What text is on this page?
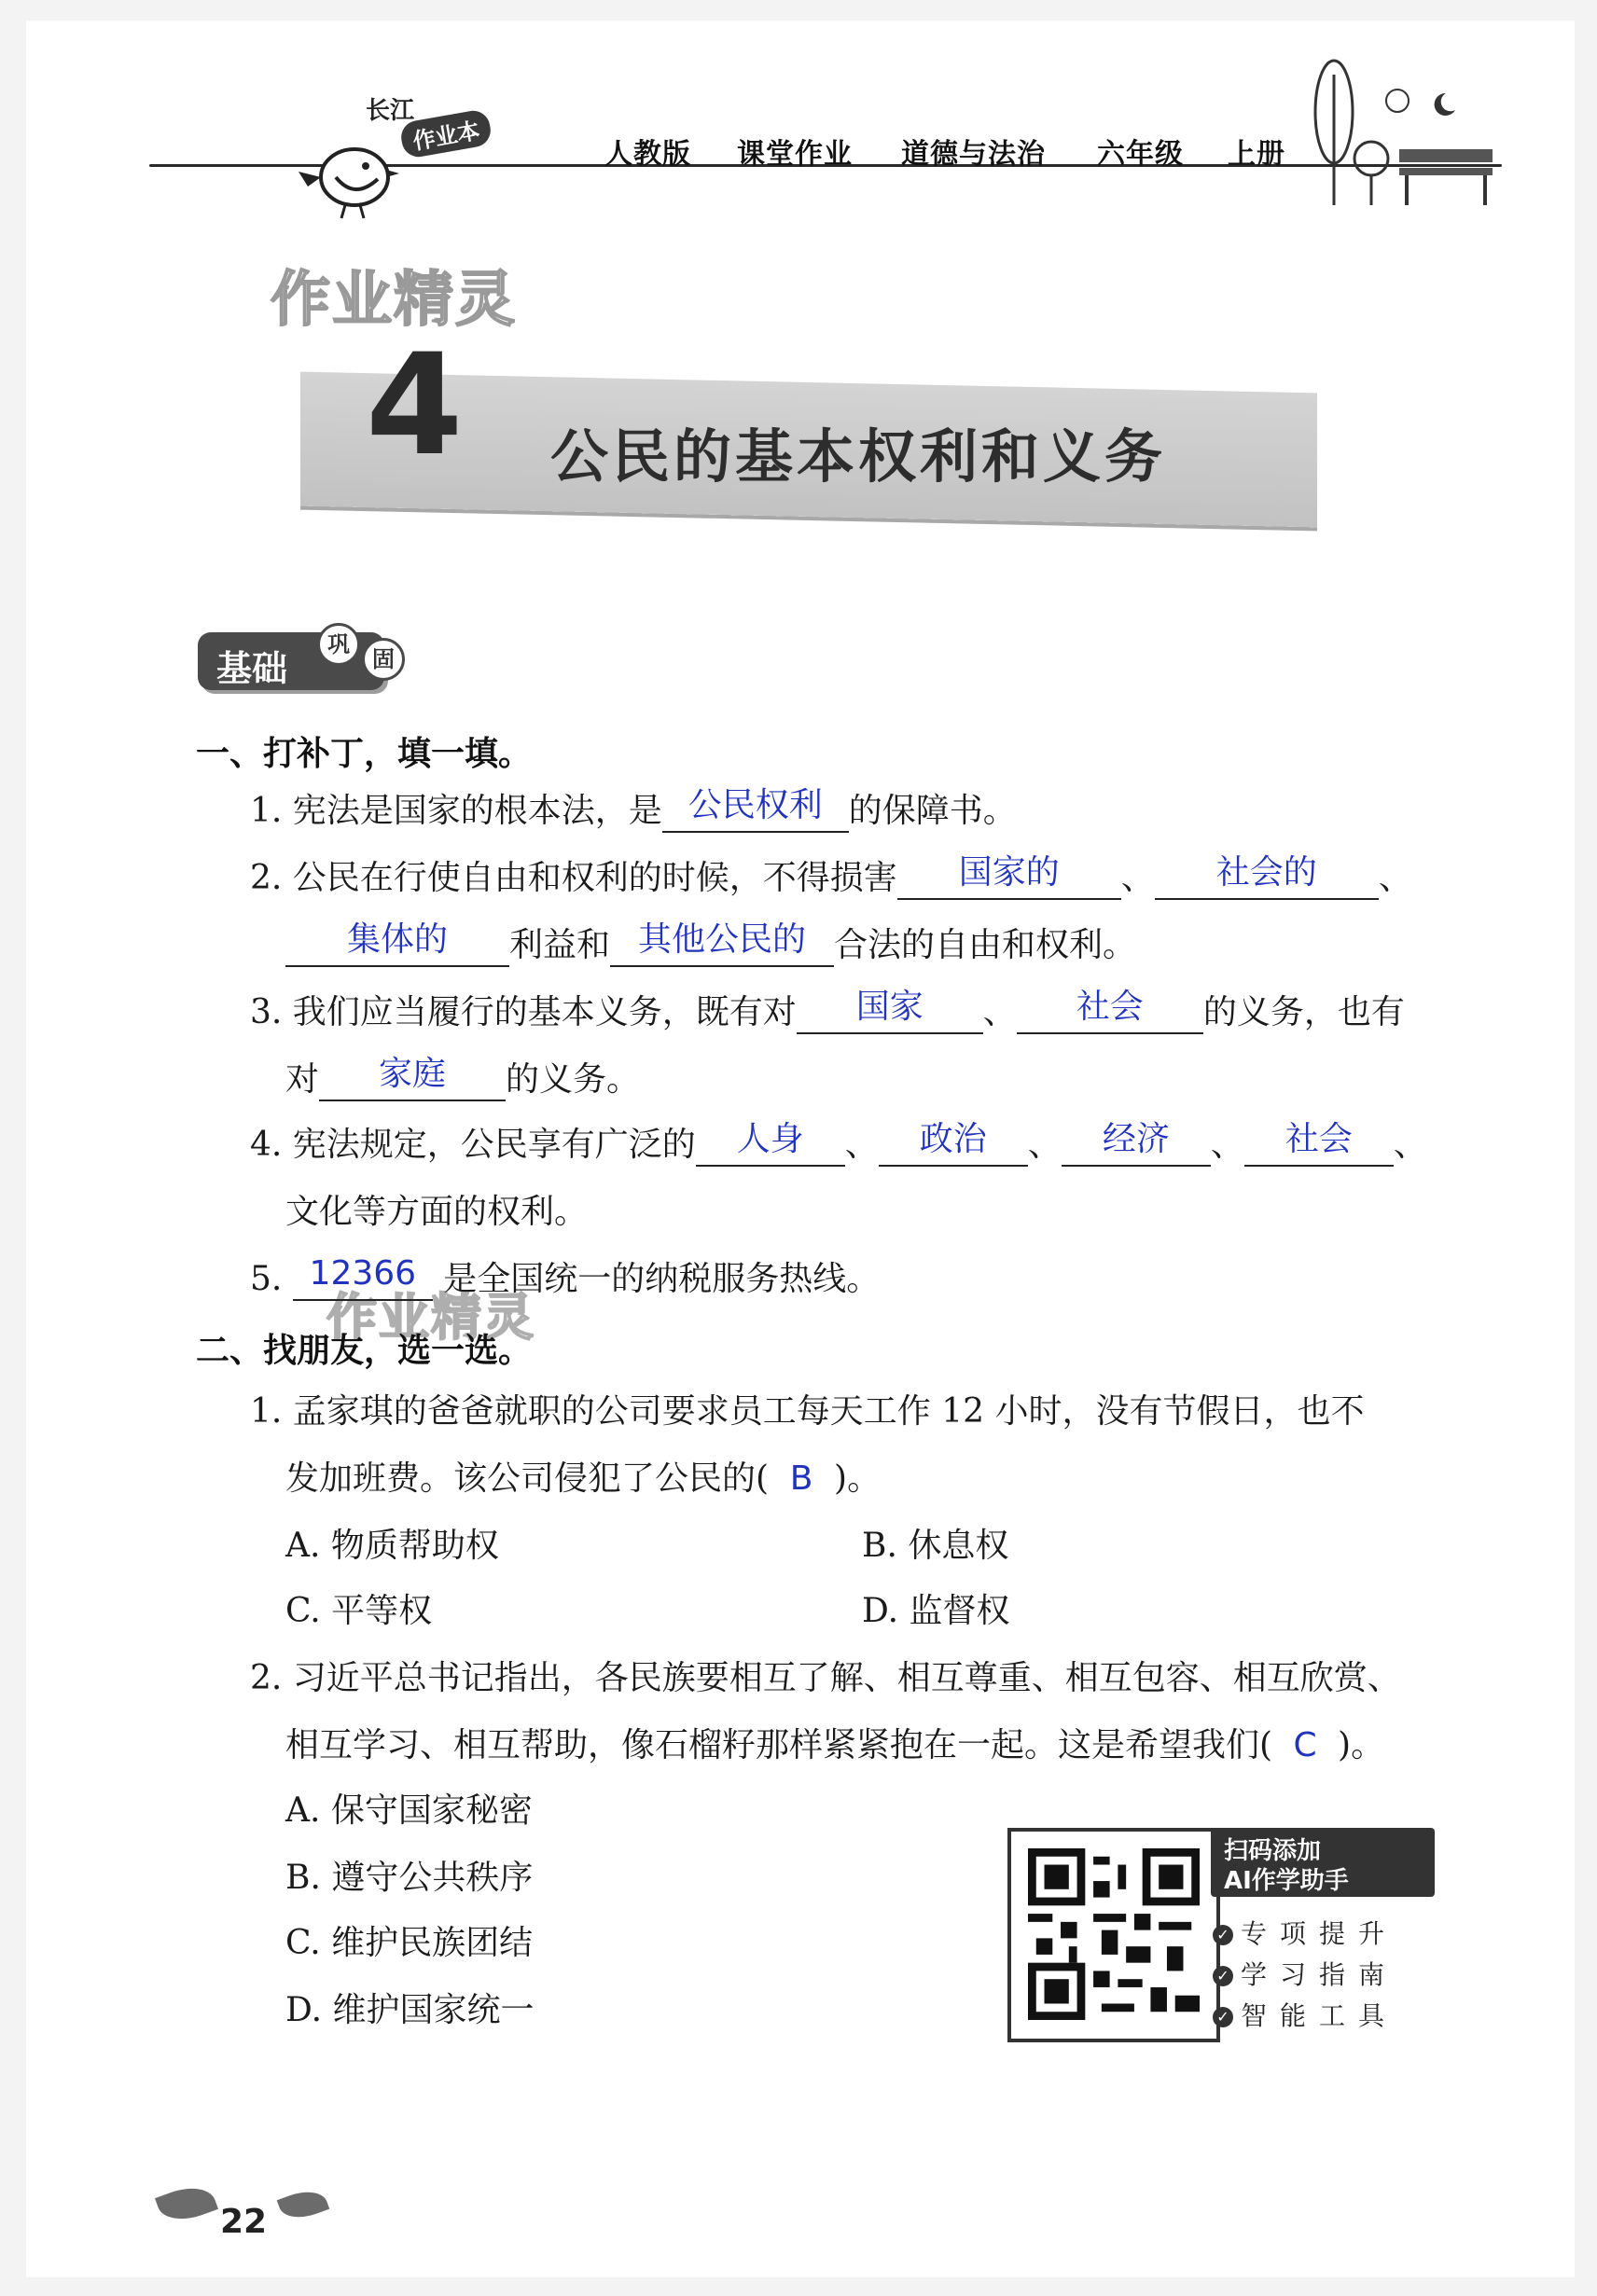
长江
作业本	人教版 课堂作业 道德与法治 六年级 上册
作业精灵
作业精灵
4 公民的基本权利和义务
基础
巩
固
一、打补丁，填一填。
1. 宪法是国家的根本法，是 公民权利 的保障书。
2. 公民在行使自由和权利的时候，不得损害	国家的	、	社会的	、

集体的	利益和 其他公民的 合法的自由和权利。
3. 我们应当履行的基本义务，既有对	国家	、	社会	的义务，也有
对	家庭	的义务。
4. 宪法规定，公民享有广泛的	人身	、	政治	、	经济	、	社会	、
文化等方面的权利。
5. 12366 是全国统一的纳税服务热线。
二、找朋友，选一选。
1. 孟家琪的爸爸就职的公司要求员工每天工作 12 小时，没有节假日，也不
发加班费。该公司侵犯了公民的( B )。
A. 物质帮助权	B. 休息权
C. 平等权	D. 监督权
2. 习近平总书记指出，各民族要相互了解、相互尊重、相互包容、相互欣赏、
相互学习、相互帮助，像石榴籽那样紧紧抱在一起。这是希望我们( C )。
A. 保守国家秘密
B. 遵守公共秩序
C. 维护民族团结
D. 维护国家统一
扫码添加
AI作学助手
✓ 专项提升
✓ 学习指南
✓ 智能工具
22
